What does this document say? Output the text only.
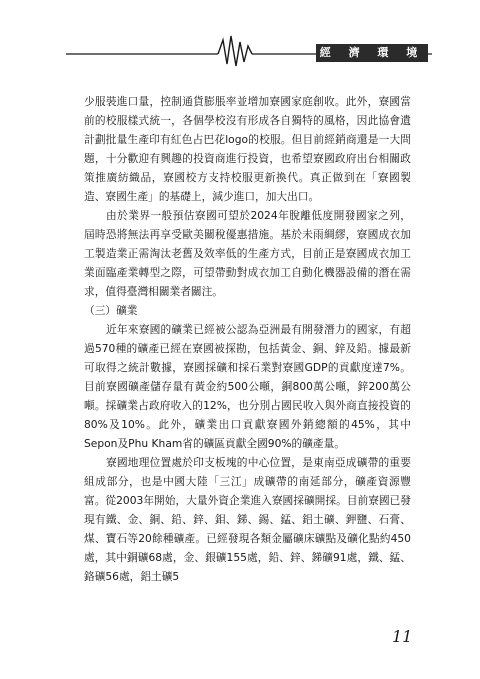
經 濟 環 境

少服裝進口量，控制通貨膨脹率並增加寮國家庭創收。此外，寮國當前的校服樣式統一，各個學校沒有形成各自獨特的風格，因此協會遺計劃批量生產印有紅色占巴花logo的校服。但目前經銷商還是一大問題，十分歡迎有興趣的投資商進行投資，也希望寮國政府出台相關政策推廣紡織品，寮國校方支持校服更新換代。真正做到在「寮國製造、寮國生產」的基礎上，減少進口，加大出口。

由於業界一般預估寮國可望於2024年脫離低度開發國家之列，屆時恐將無法再享受歐美關稅優惠措施。基於未雨綢繆，寮國成衣加工製造業正需淘汰老舊及效率低的生產方式，目前正是寮國成衣加工業面臨產業轉型之際，可望帶動對成衣加工自動化機器設備的潛在需求，值得臺灣相關業者關注。

（三）礦業

近年來寮國的礦業已經被公認為亞洲最有開發潛力的國家，有超過570種的礦產已經在寮國被探勘，包括黃金、銅、鋅及鉛。據最新可取得之統計數據，寮國採礦和採石業對寮國GDP的貢獻度達7%。目前寮國礦產儲存量有黃金約500公噸，銅800萬公噸，鋅200萬公噸。採礦業占政府收入的12%，也分別占國民收入與外商直接投資的80%及10%。此外，礦業出口貢獻寮國外銷總額的45%，其中Sepon及Phu Kham省的礦區貢獻全國90%的礦產量。

寮國地理位置處於印支板塊的中心位置，是東南亞成礦帶的重要組成部分，也是中國大陸「三江」成礦帶的南延部分，礦產資源豐富。從2003年開始，大量外資企業進入寮國採礦開採。目前寮國已發現有鐵、金、銅、鉛、鋅、鉬、銻、錫、錳、鋁土礦、鉀鹽、石膏、煤、寶石等20餘種礦產。已經發現各類金屬礦床礦點及礦化點約450處，其中銅礦68處，金、銀礦155處，鉛、鋅、銻礦91處，鐵、錳、鉻礦56處，鋁土礦5

11
